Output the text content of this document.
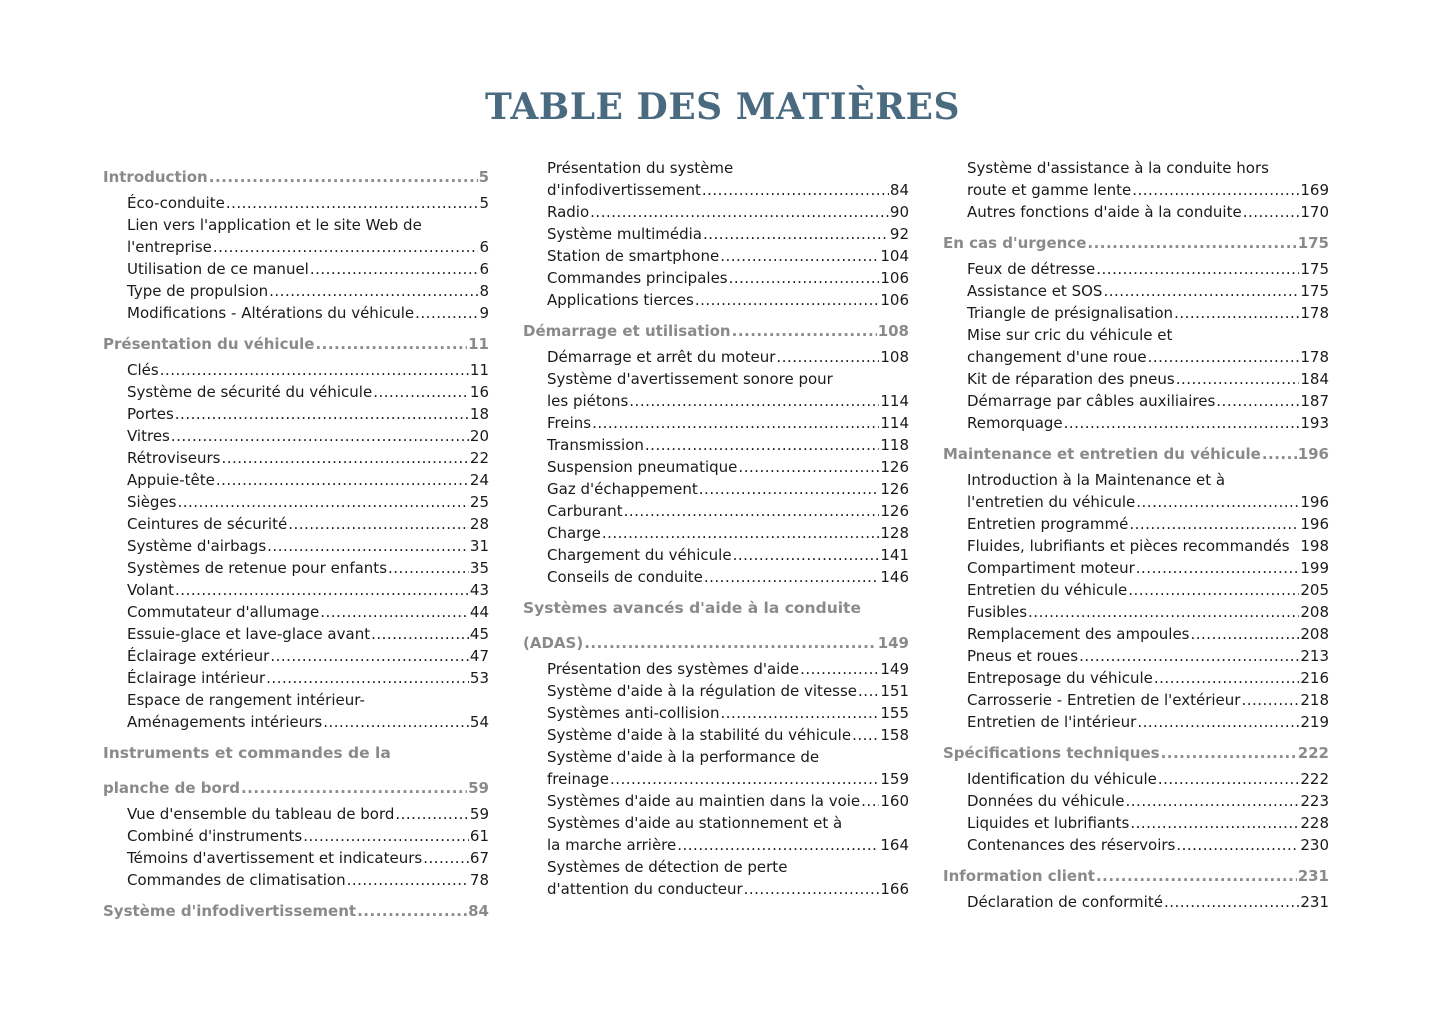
TABLE DES MATIÈRES
Introduction .....	5
Éco-conduite .....	5
Lien vers l'application et le site Web de
l'entreprise .....	6
Utilisation de ce manuel .....	6
Type de propulsion .....	8
Modifications - Altérations du véhicule .....	9
Présentation du véhicule .....	11
Clés .....	11
Système de sécurité du véhicule .....	16
Portes .....	18
Vitres .....	20
Rétroviseurs .....	22
Appuie-tête .....	24
Sièges .....	25
Ceintures de sécurité .....	28
Système d'airbags .....	31
Systèmes de retenue pour enfants .....	35
Volant .....	43
Commutateur d'allumage .....	44
Essuie-glace et lave-glace avant .....	45
Éclairage extérieur .....	47
Éclairage intérieur .....	53
Espace de rangement intérieur-
Aménagements intérieurs .....	54
Instruments et commandes de la
planche de bord .....	59
Vue d'ensemble du tableau de bord .....	59
Combiné d'instruments .....	61
Témoins d'avertissement et indicateurs .....	67
Commandes de climatisation .....	78
Système d'infodivertissement .....	84
Présentation du système
d'infodivertissement .....	84
Radio .....	90
Système multimédia .....	92
Station de smartphone .....	104
Commandes principales .....	106
Applications tierces .....	106
Démarrage et utilisation .....	108
Démarrage et arrêt du moteur .....	108
Système d'avertissement sonore pour
les piétons .....	114
Freins .....	114
Transmission .....	118
Suspension pneumatique .....	126
Gaz d'échappement .....	126
Carburant .....	126
Charge .....	128
Chargement du véhicule .....	141
Conseils de conduite .....	146
Systèmes avancés d'aide à la conduite
(ADAS) .....	149
Présentation des systèmes d'aide .....	149
Système d'aide à la régulation de vitesse ..... 151
Systèmes anti-collision .....	155
Système d'aide à la stabilité du véhicule ..... 158
Système d'aide à la performance de
freinage .....	159
Systèmes d'aide au maintien dans la voie ..... 160
Systèmes d'aide au stationnement et à
la marche arrière .....	164
Systèmes de détection de perte
d'attention du conducteur .....	166
Système d'assistance à la conduite hors
route et gamme lente .....	169
Autres fonctions d'aide à la conduite .....	170
En cas d'urgence .....	175
Feux de détresse .....	175
Assistance et SOS .....	175
Triangle de présignalisation .....	178
Mise sur cric du véhicule et
changement d'une roue .....	178
Kit de réparation des pneus .....	184
Démarrage par câbles auxiliaires .....	187
Remorquage .....	193
Maintenance et entretien du véhicule ..... 196
Introduction à la Maintenance et à
l'entretien du véhicule .....	196
Entretien programmé .....	196
Fluides, lubrifiants et pièces recommandés 198
Compartiment moteur .....	199
Entretien du véhicule .....	205
Fusibles .....	208
Remplacement des ampoules .....	208
Pneus et roues .....	213
Entreposage du véhicule .....	216
Carrosserie - Entretien de l'extérieur .....	218
Entretien de l'intérieur .....	219
Spécifications techniques .....	222
Identification du véhicule .....	222
Données du véhicule .....	223
Liquides et lubrifiants .....	228
Contenances des réservoirs .....	230
Information client .....	231
Déclaration de conformité .....	231
